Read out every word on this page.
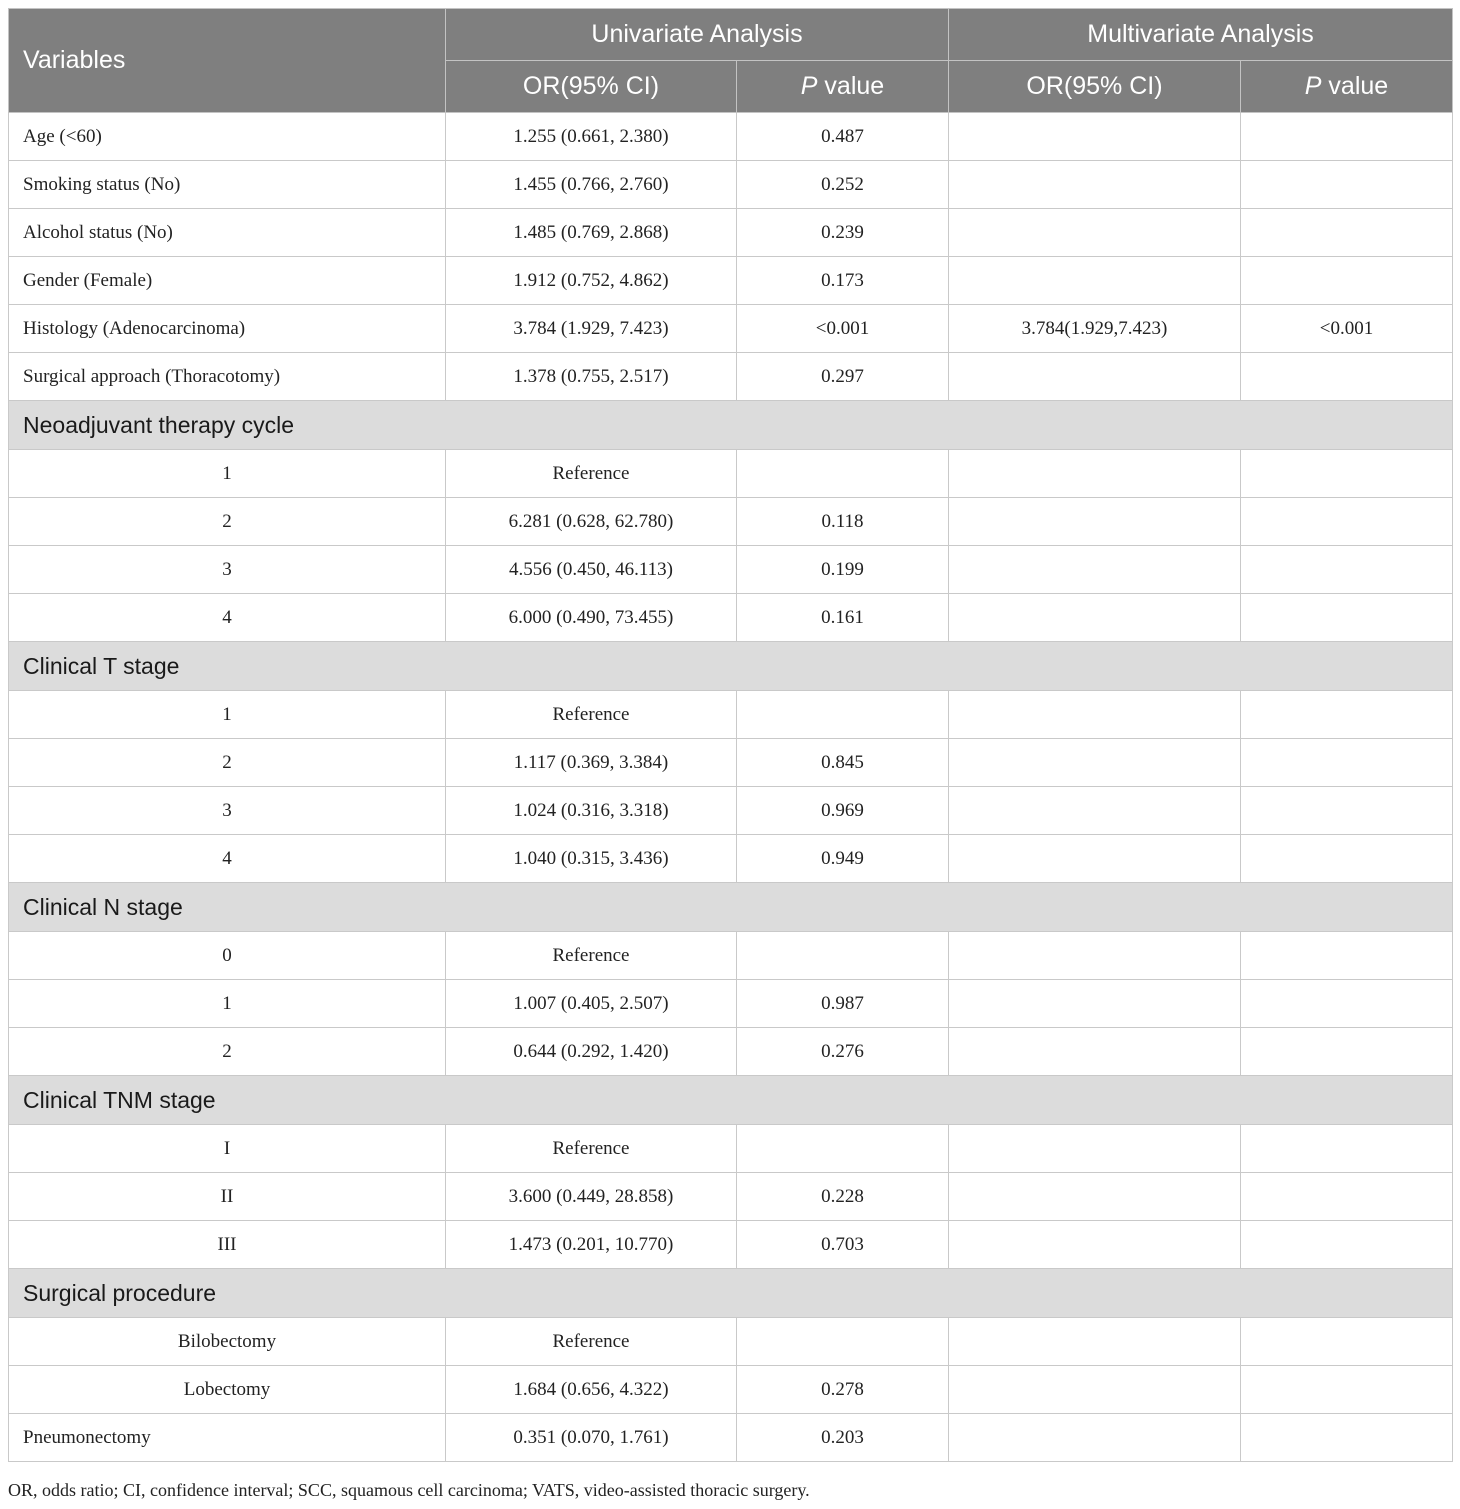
Variables	Univariate Analysis		Multivariate Analysis	
	OR(95% CI)	P value	OR(95% CI)	P value
Age (<60)	1.255 (0.661, 2.380)	0.487		
Smoking status (No)	1.455 (0.766, 2.760)	0.252		
Alcohol status (No)	1.485 (0.769, 2.868)	0.239		
Gender (Female)	1.912 (0.752, 4.862)	0.173		
Histology (Adenocarcinoma)	3.784 (1.929, 7.423)	<0.001	3.784(1.929,7.423)	<0.001
Surgical approach (Thoracotomy)	1.378 (0.755, 2.517)	0.297		
Neoadjuvant therapy cycle				
1	Reference			
2	6.281 (0.628, 62.780)	0.118		
3	4.556 (0.450, 46.113)	0.199		
4	6.000 (0.490, 73.455)	0.161		
Clinical T stage				
1	Reference			
2	1.117 (0.369, 3.384)	0.845		
3	1.024 (0.316, 3.318)	0.969		
4	1.040 (0.315, 3.436)	0.949		
Clinical N stage				
0	Reference			
1	1.007 (0.405, 2.507)	0.987		
2	0.644 (0.292, 1.420)	0.276		
Clinical TNM stage				
I	Reference			
II	3.600 (0.449, 28.858)	0.228		
III	1.473 (0.201, 10.770)	0.703		
Surgical procedure				
Bilobectomy	Reference			
Lobectomy	1.684 (0.656, 4.322)	0.278		
Pneumonectomy	0.351 (0.070, 1.761)	0.203		
OR, odds ratio; CI, confidence interval; SCC, squamous cell carcinoma; VATS, video-assisted thoracic surgery.
